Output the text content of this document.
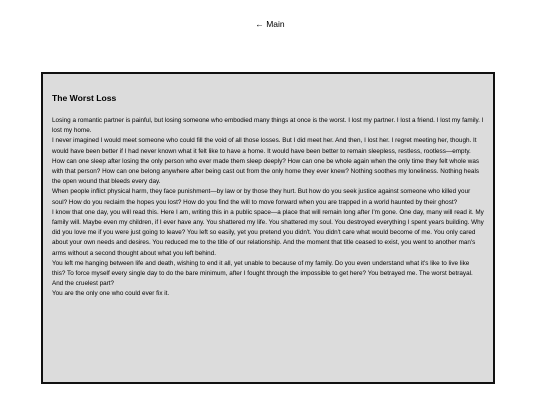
← Main
The Worst Loss

Losing a romantic partner is painful, but losing someone who embodied many things at once is the worst. I lost my partner. I lost a friend. I lost my family. I lost my home.

I never imagined I would meet someone who could fill the void of all those losses. But I did meet her. And then, I lost her. I regret meeting her, though. It would have been better if I had never known what it felt like to have a home. It would have been better to remain sleepless, restless, rootless—empty.

How can one sleep after losing the only person who ever made them sleep deeply? How can one be whole again when the only time they felt whole was with that person? How can one belong anywhere after being cast out from the only home they ever knew? Nothing soothes my loneliness. Nothing heals the open wound that bleeds every day.

When people inflict physical harm, they face punishment—by law or by those they hurt. But how do you seek justice against someone who killed your soul? How do you reclaim the hopes you lost? How do you find the will to move forward when you are trapped in a world haunted by their ghost?

I know that one day, you will read this. Here I am, writing this in a public space—a place that will remain long after I'm gone. One day, many will read it. My family will. Maybe even my children, if I ever have any. You shattered my life. You shattered my soul. You destroyed everything I spent years building. Why did you love me if you were just going to leave? You left so easily, yet you pretend you didn't. You didn't care what would become of me. You only cared about your own needs and desires. You reduced me to the title of our relationship. And the moment that title ceased to exist, you went to another man's arms without a second thought about what you left behind.

You left me hanging between life and death, wishing to end it all, yet unable to because of my family. Do you even understand what it's like to live like this? To force myself every single day to do the bare minimum, after I fought through the impossible to get here? You betrayed me. The worst betrayal. And the cruelest part?

You are the only one who could ever fix it.
